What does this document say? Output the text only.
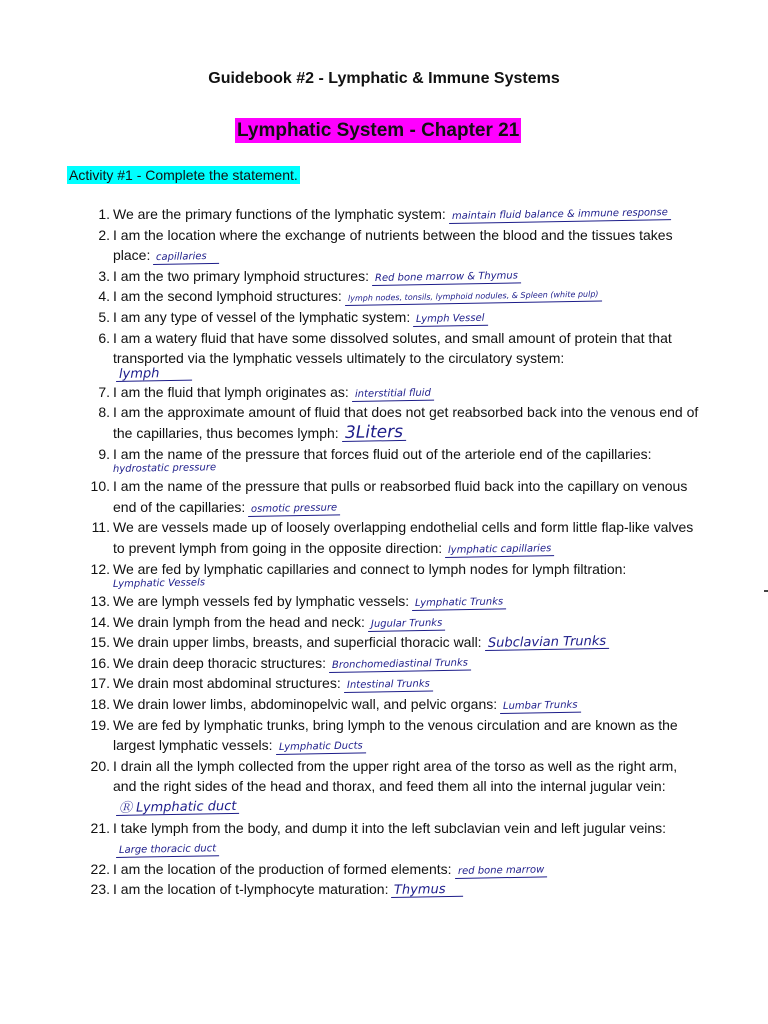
Guidebook #2 - Lymphatic & Immune Systems
Lymphatic System - Chapter 21
Activity #1 - Complete the statement.
1. We are the primary functions of the lymphatic system: maintain fluid balance & immune response
2. I am the location where the exchange of nutrients between the blood and the tissues takes place: capillaries
3. I am the two primary lymphoid structures: Red bone marrow & Thymus
4. I am the second lymphoid structures: lymph nodes, tonsils, lymphoid nodules, & Spleen (white pulp)
5. I am any type of vessel of the lymphatic system: Lymph Vessel
6. I am a watery fluid that have some dissolved solutes, and small amount of protein that that transported via the lymphatic vessels ultimately to the circulatory system:
lymph
7. I am the fluid that lymph originates as: interstitial fluid
8. I am the approximate amount of fluid that does not get reabsorbed back into the venous end of the capillaries, thus becomes lymph: 3Liters
9. I am the name of the pressure that forces fluid out of the arteriole end of the capillaries:
hydrostatic pressure
10. I am the name of the pressure that pulls or reabsorbed fluid back into the capillary on venous end of the capillaries: osmotic pressure
11. We are vessels made up of loosely overlapping endothelial cells and form little flap-like valves to prevent lymph from going in the opposite direction: lymphatic capillaries
12. We are fed by lymphatic capillaries and connect to lymph nodes for lymph filtration:
Lymphatic Vessels
13. We are lymph vessels fed by lymphatic vessels: Lymphatic Trunks
14. We drain lymph from the head and neck: Jugular Trunks
15. We drain upper limbs, breasts, and superficial thoracic wall: Subclavian Trunks
16. We drain deep thoracic structures: Bronchomediastinal Trunks
17. We drain most abdominal structures: Intestinal Trunks
18. We drain lower limbs, abdominopelvic wall, and pelvic organs: Lumbar Trunks
19. We are fed by lymphatic trunks, bring lymph to the venous circulation and are known as the largest lymphatic vessels: Lymphatic Ducts
20. I drain all the lymph collected from the upper right area of the torso as well as the right arm, and the right sides of the head and thorax, and feed them all into the internal jugular vein:Ⓡ Lymphatic duct
21. I take lymph from the body, and dump it into the left subclavian vein and left jugular veins:Large thoracic duct
22. I am the location of the production of formed elements: red bone marrow
23. I am the location of t-lymphocyte maturation: Thymus
